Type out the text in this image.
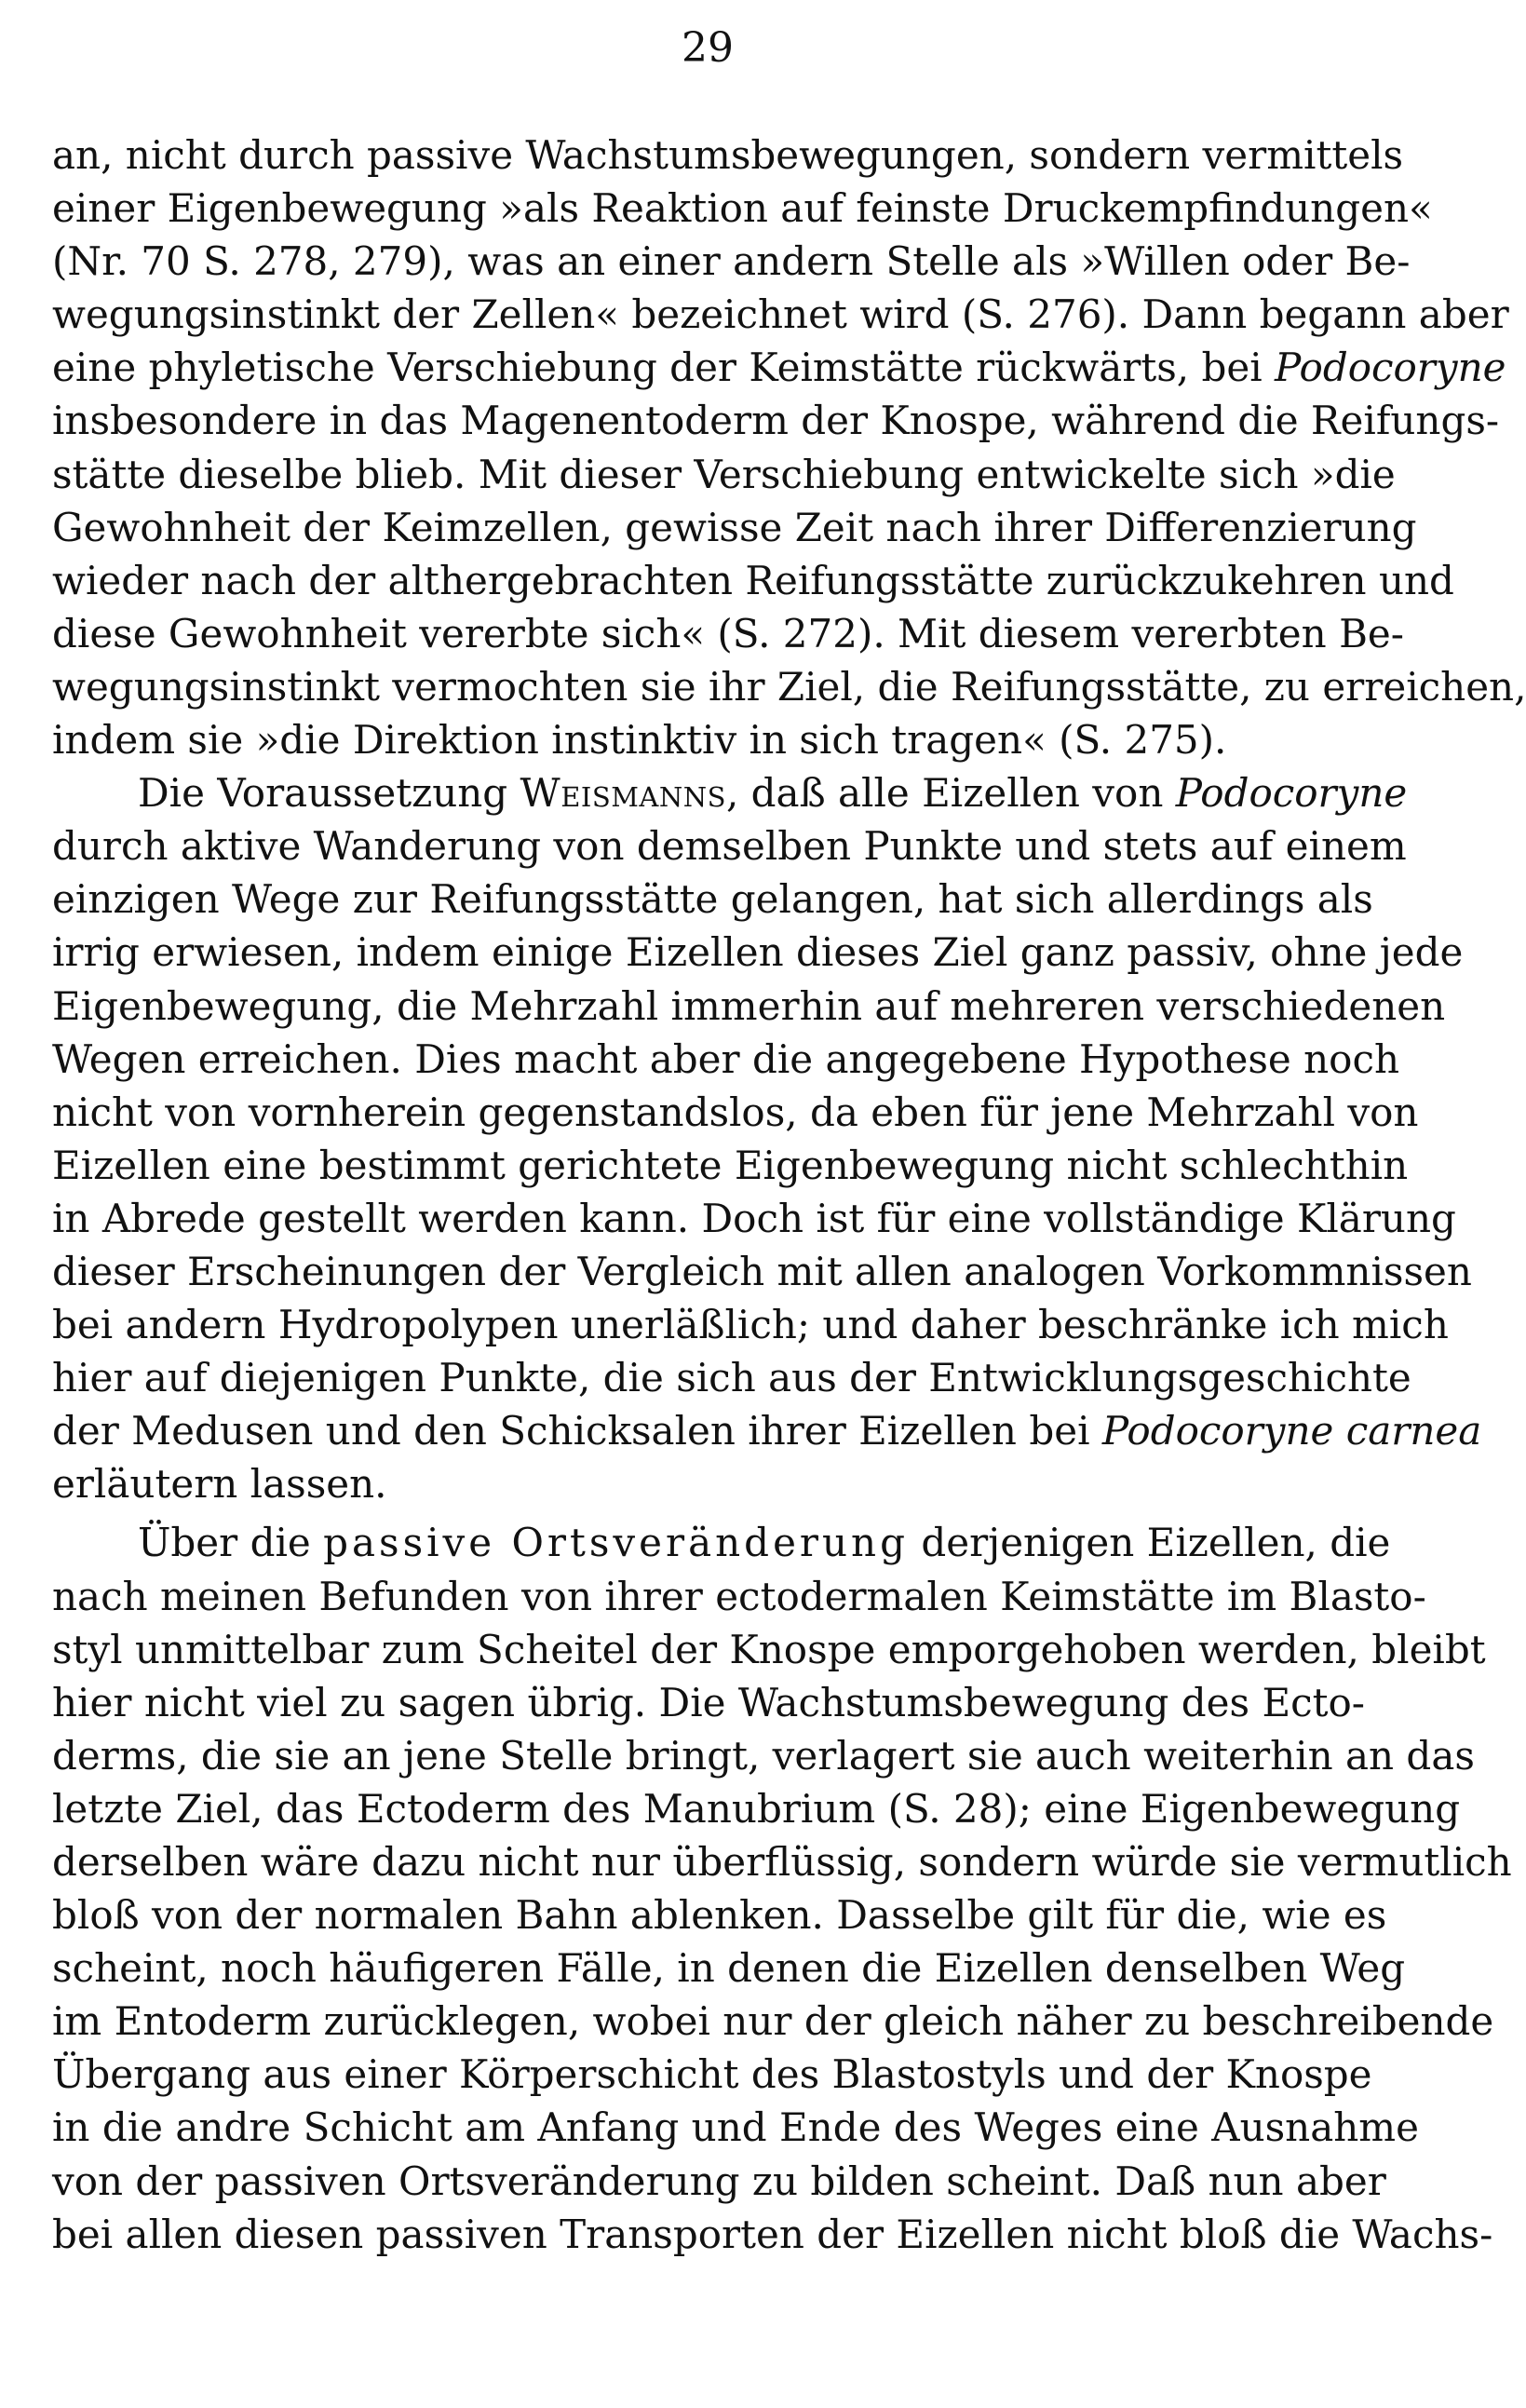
29
an, nicht durch passive Wachstumsbewegungen, sondern vermittels
einer Eigenbewegung »als Reaktion auf feinste Druckempfindungen«
(Nr. 70 S. 278, 279), was an einer andern Stelle als »Willen oder Be-
wegungsinstinkt der Zellen« bezeichnet wird (S. 276). Dann begann aber
eine phyletische Verschiebung der Keimstätte rückwärts, bei Podocoryne
insbesondere in das Magenentoderm der Knospe, während die Reifungs-
stätte dieselbe blieb. Mit dieser Verschiebung entwickelte sich »die
Gewohnheit der Keimzellen, gewisse Zeit nach ihrer Differenzierung
wieder nach der althergebrachten Reifungsstätte zurückzukehren und
diese Gewohnheit vererbte sich« (S. 272). Mit diesem vererbten Be-
wegungsinstinkt vermochten sie ihr Ziel, die Reifungsstätte, zu erreichen,
indem sie »die Direktion instinktiv in sich tragen« (S. 275).
Die Voraussetzung Weismanns, daß alle Eizellen von Podocoryne
durch aktive Wanderung von demselben Punkte und stets auf einem
einzigen Wege zur Reifungsstätte gelangen, hat sich allerdings als
irrig erwiesen, indem einige Eizellen dieses Ziel ganz passiv, ohne jede
Eigenbewegung, die Mehrzahl immerhin auf mehreren verschiedenen
Wegen erreichen. Dies macht aber die angegebene Hypothese noch
nicht von vornherein gegenstandslos, da eben für jene Mehrzahl von
Eizellen eine bestimmt gerichtete Eigenbewegung nicht schlechthin
in Abrede gestellt werden kann. Doch ist für eine vollständige Klärung
dieser Erscheinungen der Vergleich mit allen analogen Vorkommnissen
bei andern Hydropolypen unerläßlich; und daher beschränke ich mich
hier auf diejenigen Punkte, die sich aus der Entwicklungsgeschichte
der Medusen und den Schicksalen ihrer Eizellen bei Podocoryne carnea
erläutern lassen.
Über die passive Ortsveränderung derjenigen Eizellen, die
nach meinen Befunden von ihrer ectodermalen Keimstätte im Blasto-
styl unmittelbar zum Scheitel der Knospe emporgehoben werden, bleibt
hier nicht viel zu sagen übrig. Die Wachstumsbewegung des Ecto-
derms, die sie an jene Stelle bringt, verlagert sie auch weiterhin an das
letzte Ziel, das Ectoderm des Manubrium (S. 28); eine Eigenbewegung
derselben wäre dazu nicht nur überflüssig, sondern würde sie vermutlich
bloß von der normalen Bahn ablenken. Dasselbe gilt für die, wie es
scheint, noch häufigeren Fälle, in denen die Eizellen denselben Weg
im Entoderm zurücklegen, wobei nur der gleich näher zu beschreibende
Übergang aus einer Körperschicht des Blastostyls und der Knospe
in die andre Schicht am Anfang und Ende des Weges eine Ausnahme
von der passiven Ortsveränderung zu bilden scheint. Daß nun aber
bei allen diesen passiven Transporten der Eizellen nicht bloß die Wachs-
